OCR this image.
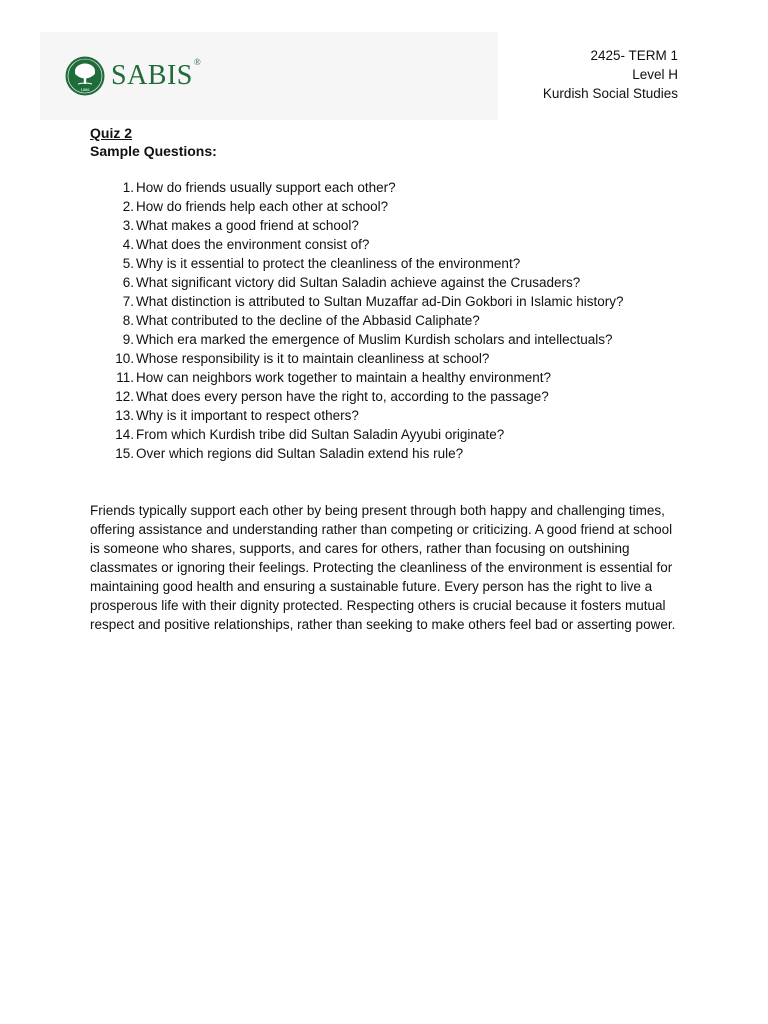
1886 SABIS®	2425- TERM 1
Level H
Kurdish Social Studies
Quiz 2
Sample Questions:
1. How do friends usually support each other?
2. How do friends help each other at school?
3. What makes a good friend at school?
4. What does the environment consist of?
5. Why is it essential to protect the cleanliness of the environment?
6. What significant victory did Sultan Saladin achieve against the Crusaders?
7. What distinction is attributed to Sultan Muzaffar ad-Din Gokbori in Islamic history?
8. What contributed to the decline of the Abbasid Caliphate?
9. Which era marked the emergence of Muslim Kurdish scholars and intellectuals?
10. Whose responsibility is it to maintain cleanliness at school?
11. How can neighbors work together to maintain a healthy environment?
12. What does every person have the right to, according to the passage?
13. Why is it important to respect others?
14. From which Kurdish tribe did Sultan Saladin Ayyubi originate?
15. Over which regions did Sultan Saladin extend his rule?

Friends typically support each other by being present through both happy and challenging times, offering assistance and understanding rather than competing or criticizing. A good friend at school is someone who shares, supports, and cares for others, rather than focusing on outshining classmates or ignoring their feelings. Protecting the cleanliness of the environment is essential for maintaining good health and ensuring a sustainable future. Every person has the right to live a prosperous life with their dignity protected. Respecting others is crucial because it fosters mutual respect and positive relationships, rather than seeking to make others feel bad or asserting power.
